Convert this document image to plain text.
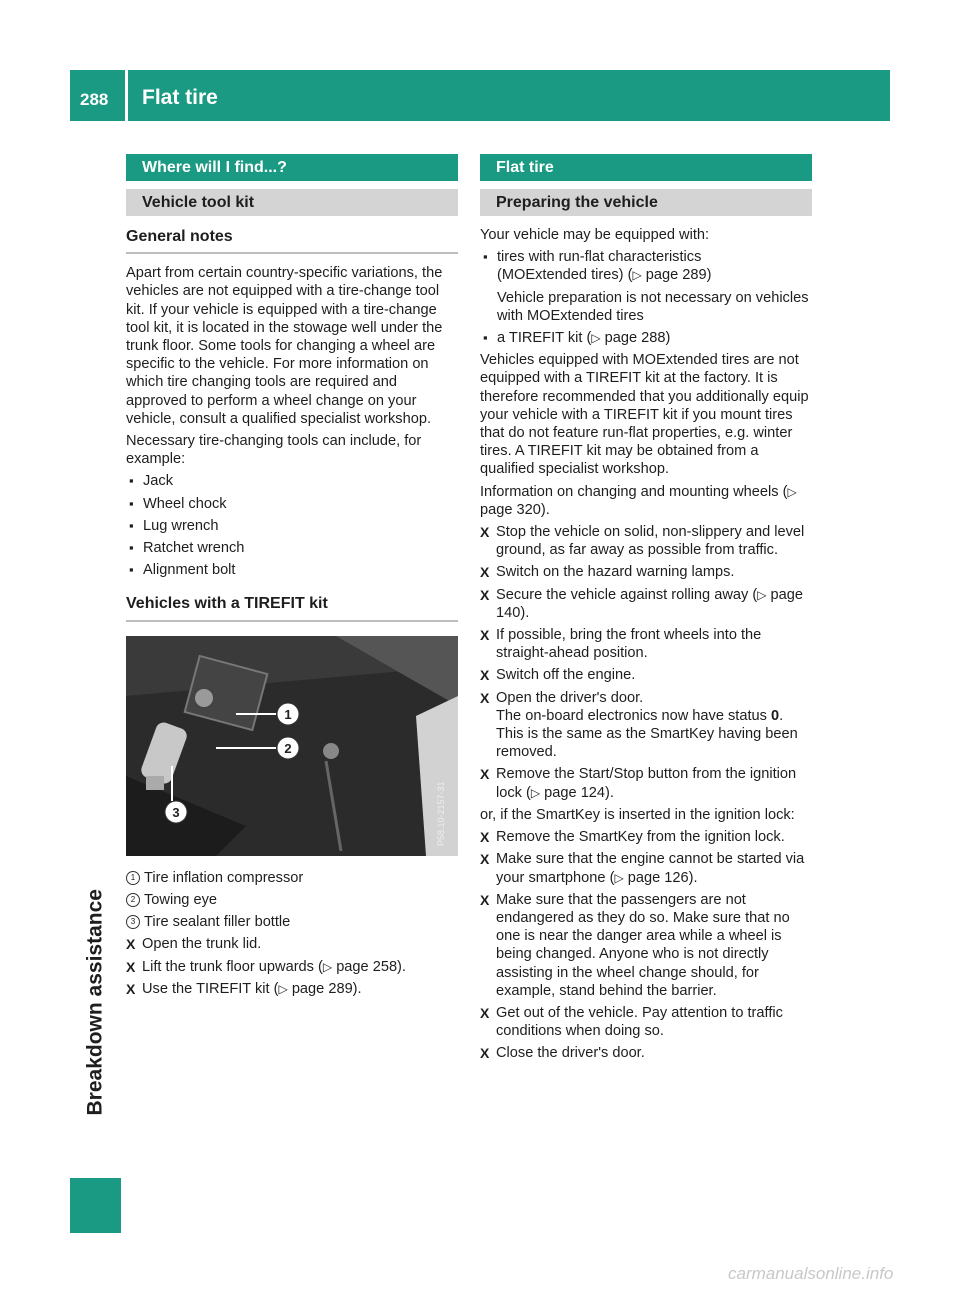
288 Flat tire
Breakdown assistance
Where will I find...?
Vehicle tool kit
General notes

Apart from certain country-specific variations, the vehicles are not equipped with a tire-change tool kit. If your vehicle is equipped with a tire-change tool kit, it is located in the stowage well under the trunk floor. Some tools for changing a wheel are specific to the vehicle. For more information on which tire changing tools are required and approved to perform a wheel change on your vehicle, consult a qualified specialist workshop.

Necessary tire-changing tools can include, for example:

▪ Jack
▪ Wheel chock
▪ Lug wrench
▪ Ratchet wrench
▪ Alignment bolt
Vehicles with a TIREFIT kit
1
2
3	P58.10-2157-31
1 Tire inflation compressor
2 Towing eye
3 Tire sealant filler bottle
X Open the trunk lid.
X Lift the trunk floor upwards (▷ page 258).
X Use the TIREFIT kit (▷ page 289).
Flat tire
Preparing the vehicle

Your vehicle may be equipped with:

▪ tires with run-flat characteristics

(MOExtended tires) (▷ page 289)

Vehicle preparation is not necessary on vehicles with MOExtended tires

▪ a TIREFIT kit (▷ page 288)

Vehicles equipped with MOExtended tires are not equipped with a TIREFIT kit at the factory. It is therefore recommended that you additionally equip your vehicle with a TIREFIT kit if you mount tires that do not feature run-flat properties, e.g. winter tires. A TIREFIT kit may be obtained from a qualified specialist workshop.

Information on changing and mounting wheels (▷ page 320).

X Stop the vehicle on solid, non-slippery and level ground, as far away as possible from traffic.
X Switch on the hazard warning lamps.
X Secure the vehicle against rolling away (▷ page 140).
X If possible, bring the front wheels into the straight-ahead position.
X Switch off the engine.
X Open the driver's door.

The on-board electronics now have status 0. This is the same as the SmartKey having been removed.

X Remove the Start/Stop button from the ignition lock (▷ page 124).

or, if the SmartKey is inserted in the ignition lock:

X Remove the SmartKey from the ignition lock.
X Make sure that the engine cannot be started via your smartphone (▷ page 126).
X Make sure that the passengers are not endangered as they do so. Make sure that no one is near the danger area while a wheel is being changed. Anyone who is not directly assisting in the wheel change should, for example, stand behind the barrier.
X Get out of the vehicle. Pay attention to traffic conditions when doing so.
X Close the driver's door.
carmanualsonline.info
